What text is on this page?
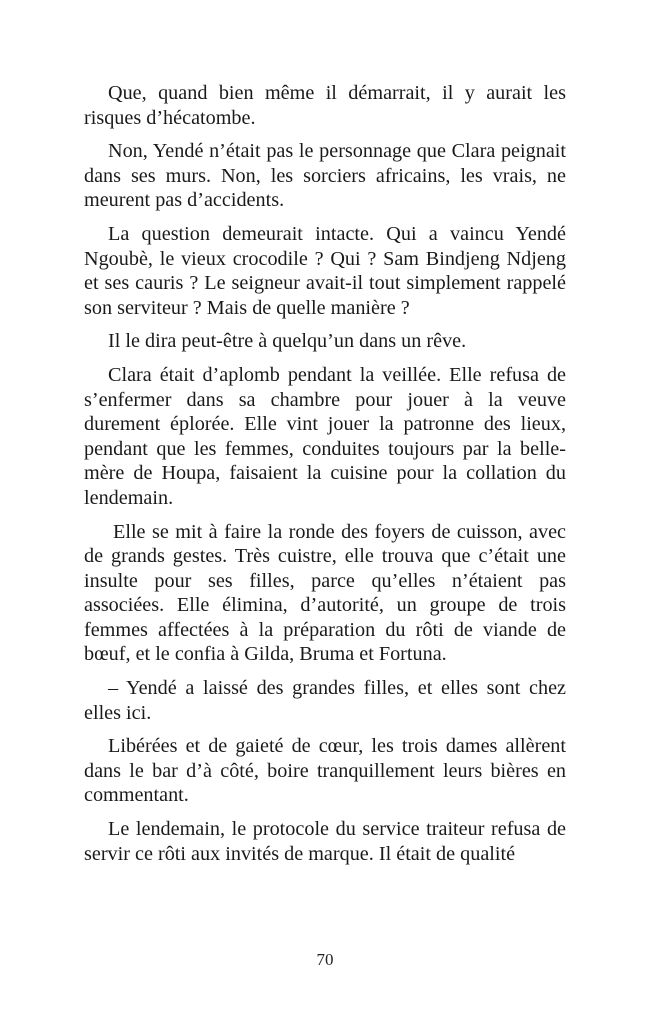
Que, quand bien même il démarrait, il y aurait les risques d’hécatombe.

Non, Yendé n’était pas le personnage que Clara peignait dans ses murs. Non, les sorciers africains, les vrais, ne meurent pas d’accidents.

La question demeurait intacte. Qui a vaincu Yendé Ngoubè, le vieux crocodile ? Qui ? Sam Bindjeng Ndjeng et ses cauris ? Le seigneur avait-il tout simplement rappelé son serviteur ? Mais de quelle manière ?

Il le dira peut-être à quelqu’un dans un rêve.

Clara était d’aplomb pendant la veillée. Elle refusa de s’enfermer dans sa chambre pour jouer à la veuve durement éplorée. Elle vint jouer la patronne des lieux, pendant que les femmes, conduites toujours par la belle-mère de Houpa, faisaient la cuisine pour la collation du lendemain.

Elle se mit à faire la ronde des foyers de cuisson, avec de grands gestes. Très cuistre, elle trouva que c’était une insulte pour ses filles, parce qu’elles n’étaient pas associées. Elle élimina, d’autorité, un groupe de trois femmes affectées à la préparation du rôti de viande de bœuf, et le confia à Gilda, Bruma et Fortuna.

– Yendé a laissé des grandes filles, et elles sont chez elles ici.

Libérées et de gaieté de cœur, les trois dames allèrent dans le bar d’à côté, boire tranquillement leurs bières en commentant.

Le lendemain, le protocole du service traiteur refusa de servir ce rôti aux invités de marque. Il était de qualité

70
